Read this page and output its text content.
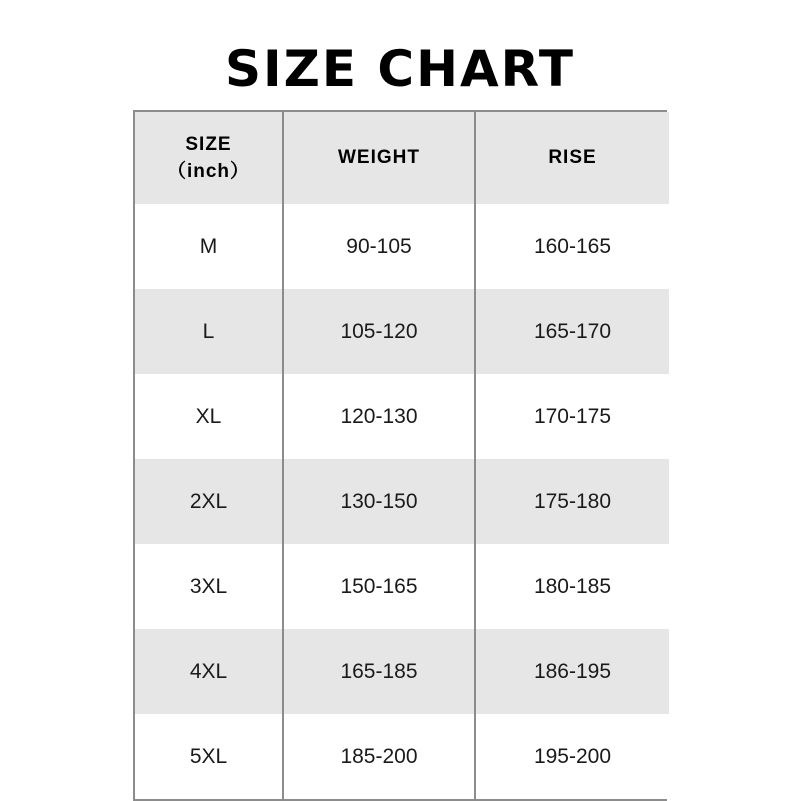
SIZE CHART
SIZE
（inch）	WEIGHT	RISE
M	90-105	160-165
L	105-120	165-170
XL	120-130	170-175
2XL	130-150	175-180
3XL	150-165	180-185
4XL	165-185	186-195
5XL	185-200	195-200
